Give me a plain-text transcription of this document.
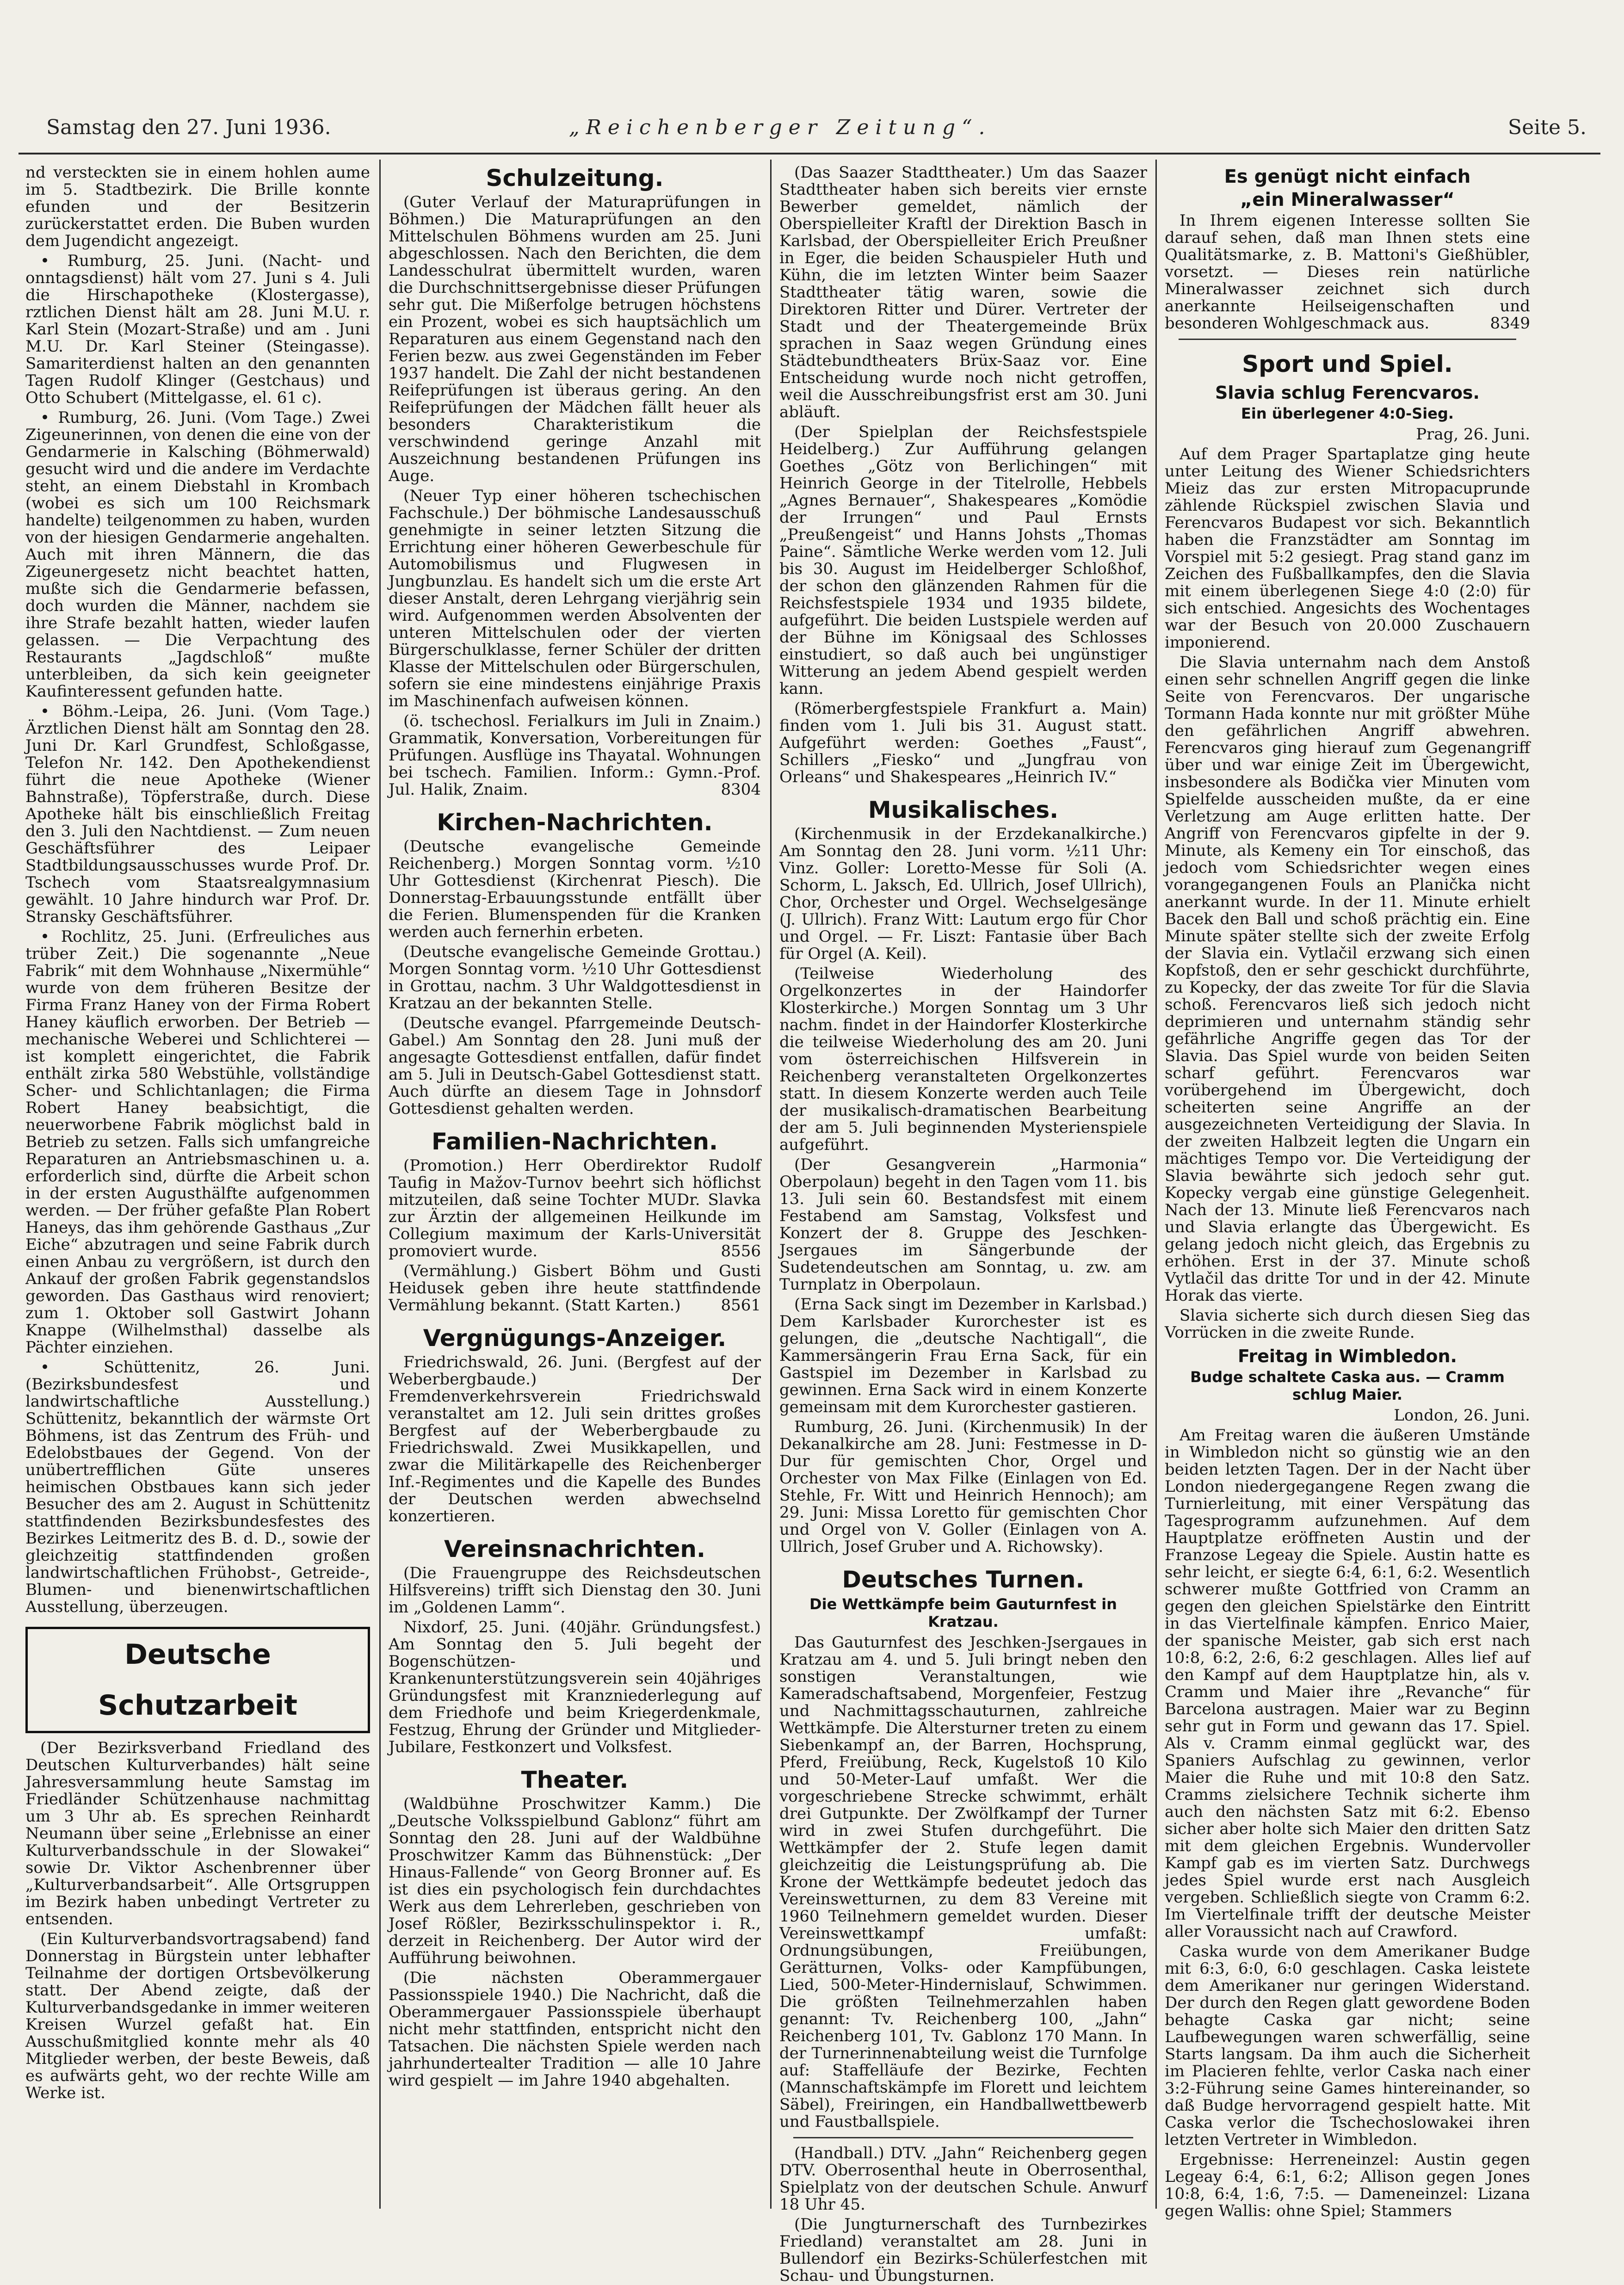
Samstag den 27. Juni 1936.	„Reichenberger Zeitung“.	Seite 5.

nd versteckten sie in einem hohlen aume im 5. Stadtbezirk. Die Brille konnte efunden und der Besitzerin zurückerstattet erden. Die Buben wurden dem Jugendicht angezeigt.

• Rumburg, 25. Juni. (Nacht- und onntagsdienst) hält vom 27. Juni s 4. Juli die Hirschapotheke (Klostergasse), rztlichen Dienst hält am 28. Juni M.U. r. Karl Stein (Mozart-Straße) und am . Juni M.U. Dr. Karl Steiner (Steingasse). Samariterdienst halten an den genannten Tagen Rudolf Klinger (Gestchaus) und Otto Schubert (Mittelgasse, el. 61 c).

• Rumburg, 26. Juni. (Vom Tage.) Zwei Zigeunerinnen, von denen die eine von der Gendarmerie in Kalsching (Böhmerwald) gesucht wird und die andere im Verdachte steht, an einem Diebstahl in Krombach (wobei es sich um 100 Reichsmark handelte) teilgenommen zu haben, wurden von der hiesigen Gendarmerie angehalten. Auch mit ihren Männern, die das Zigeunergesetz nicht beachtet hatten, mußte sich die Gendarmerie befassen, doch wurden die Männer, nachdem sie ihre Strafe bezahlt hatten, wieder laufen gelassen. — Die Verpachtung des Restaurants „Jagdschloß“ mußte unterbleiben, da sich kein geeigneter Kaufinteressent gefunden hatte.

• Böhm.-Leipa, 26. Juni. (Vom Tage.) Ärztlichen Dienst hält am Sonntag den 28. Juni Dr. Karl Grundfest, Schloßgasse, Telefon Nr. 142. Den Apothekendienst führt die neue Apotheke (Wiener Bahnstraße), Töpferstraße, durch. Diese Apotheke hält bis einschließlich Freitag den 3. Juli den Nachtdienst. — Zum neuen Geschäftsführer des Leipaer Stadtbildungsausschusses wurde Prof. Dr. Tschech vom Staatsrealgymnasium gewählt. 10 Jahre hindurch war Prof. Dr. Stransky Geschäftsführer.

• Rochlitz, 25. Juni. (Erfreuliches aus trüber Zeit.) Die sogenannte „Neue Fabrik“ mit dem Wohnhause „Nixermühle“ wurde von dem früheren Besitze der Firma Franz Haney von der Firma Robert Haney käuflich erworben. Der Betrieb — mechanische Weberei und Schlichterei — ist komplett eingerichtet, die Fabrik enthält zirka 580 Webstühle, vollständige Scher- und Schlichtanlagen; die Firma Robert Haney beabsichtigt, die neuerworbene Fabrik möglichst bald in Betrieb zu setzen. Falls sich umfangreiche Reparaturen an Antriebsmaschinen u. a. erforderlich sind, dürfte die Arbeit schon in der ersten Augusthälfte aufgenommen werden. — Der früher gefaßte Plan Robert Haneys, das ihm gehörende Gasthaus „Zur Eiche“ abzutragen und seine Fabrik durch einen Anbau zu vergrößern, ist durch den Ankauf der großen Fabrik gegenstandslos geworden. Das Gasthaus wird renoviert; zum 1. Oktober soll Gastwirt Johann Knappe (Wilhelmsthal) dasselbe als Pächter einziehen.

• Schüttenitz, 26. Juni. (Bezirksbundesfest und landwirtschaftliche Ausstellung.) Schüttenitz, bekanntlich der wärmste Ort Böhmens, ist das Zentrum des Früh- und Edelobstbaues der Gegend. Von der unübertrefflichen Güte unseres heimischen Obstbaues kann sich jeder Besucher des am 2. August in Schüttenitz stattfindenden Bezirksbundesfestes des Bezirkes Leitmeritz des B. d. D., sowie der gleichzeitig stattfindenden großen landwirtschaftlichen Frühobst-, Getreide-, Blumen- und bienenwirtschaftlichen Ausstellung, überzeugen.

Deutsche Schutzarbeit

(Der Bezirksverband Friedland des Deutschen Kulturverbandes) hält seine Jahresversammlung heute Samstag im Friedländer Schützenhause nachmittag um 3 Uhr ab. Es sprechen Reinhardt Neumann über seine „Erlebnisse an einer Kulturverbandsschule in der Slowakei“ sowie Dr. Viktor Aschenbrenner über „Kulturverbandsarbeit“. Alle Ortsgruppen im Bezirk haben unbedingt Vertreter zu entsenden.

(Ein Kulturverbandsvortragsabend) fand Donnerstag in Bürgstein unter lebhafter Teilnahme der dortigen Ortsbevölkerung statt. Der Abend zeigte, daß der Kulturverbandsgedanke in immer weiteren Kreisen Wurzel gefaßt hat. Ein Ausschußmitglied konnte mehr als 40 Mitglieder werben, der beste Beweis, daß es aufwärts geht, wo der rechte Wille am Werke ist.

Schulzeitung.

(Guter Verlauf der Maturaprüfungen in Böhmen.) Die Maturaprüfungen an den Mittelschulen Böhmens wurden am 25. Juni abgeschlossen. Nach den Berichten, die dem Landesschulrat übermittelt wurden, waren die Durchschnittsergebnisse dieser Prüfungen sehr gut. Die Mißerfolge betrugen höchstens ein Prozent, wobei es sich hauptsächlich um Reparaturen aus einem Gegenstand nach den Ferien bezw. aus zwei Gegenständen im Feber 1937 handelt. Die Zahl der nicht bestandenen Reifeprüfungen ist überaus gering. An den Reifeprüfungen der Mädchen fällt heuer als besonders Charakteristikum die verschwindend geringe Anzahl mit Auszeichnung bestandenen Prüfungen ins Auge.

(Neuer Typ einer höheren tschechischen Fachschule.) Der böhmische Landesausschuß genehmigte in seiner letzten Sitzung die Errichtung einer höheren Gewerbeschule für Automobilismus und Flugwesen in Jungbunzlau. Es handelt sich um die erste Art dieser Anstalt, deren Lehrgang vierjährig sein wird. Aufgenommen werden Absolventen der unteren Mittelschulen oder der vierten Bürgerschulklasse, ferner Schüler der dritten Klasse der Mittelschulen oder Bürgerschulen, sofern sie eine mindestens einjährige Praxis im Maschinenfach aufweisen können.

(ö. tschechosl. Ferialkurs im Juli in Znaim.) Grammatik, Konversation, Vorbereitungen für Prüfungen. Ausflüge ins Thayatal. Wohnungen bei tschech. Familien. Inform.: Gymn.-Prof. Jul. Halik, Znaim.	8304

Kirchen-Nachrichten.

(Deutsche evangelische Gemeinde Reichenberg.) Morgen Sonntag vorm. ½10 Uhr Gottesdienst (Kirchenrat Piesch). Die Donnerstag-Erbauungsstunde entfällt über die Ferien. Blumenspenden für die Kranken werden auch fernerhin erbeten.

(Deutsche evangelische Gemeinde Grottau.) Morgen Sonntag vorm. ½10 Uhr Gottesdienst in Grottau, nachm. 3 Uhr Waldgottesdienst in Kratzau an der bekannten Stelle.

(Deutsche evangel. Pfarrgemeinde Deutsch-Gabel.) Am Sonntag den 28. Juni muß der angesagte Gottesdienst entfallen, dafür findet am 5. Juli in Deutsch-Gabel Gottesdienst statt. Auch dürfte an diesem Tage in Johnsdorf Gottesdienst gehalten werden.

Familien-Nachrichten.

(Promotion.) Herr Oberdirektor Rudolf Taufig in Mažov-Turnov beehrt sich höflichst mitzuteilen, daß seine Tochter MUDr. Slavka zur Ärztin der allgemeinen Heilkunde im Collegium maximum der Karls-Universität promoviert wurde.	8556

(Vermählung.) Gisbert Böhm und Gusti Heidusek geben ihre heute stattfindende Vermählung bekannt. (Statt Karten.)	8561

Vergnügungs-Anzeiger.

Friedrichswald, 26. Juni. (Bergfest auf der Weberbergbaude.) Der Fremdenverkehrsverein Friedrichswald veranstaltet am 12. Juli sein drittes großes Bergfest auf der Weberbergbaude zu Friedrichswald. Zwei Musikkapellen, und zwar die Militärkapelle des Reichenberger Inf.-Regimentes und die Kapelle des Bundes der Deutschen werden abwechselnd konzertieren.

Vereinsnachrichten.

(Die Frauengruppe des Reichsdeutschen Hilfsvereins) trifft sich Dienstag den 30. Juni im „Goldenen Lamm“.

Nixdorf, 25. Juni. (40jähr. Gründungsfest.) Am Sonntag den 5. Juli begeht der Bogenschützen- und Krankenunterstützungsverein sein 40jähriges Gründungsfest mit Kranzniederlegung auf dem Friedhofe und beim Kriegerdenkmale, Festzug, Ehrung der Gründer und Mitglieder-Jubilare, Festkonzert und Volksfest.

Theater.

(Waldbühne Proschwitzer Kamm.) Die „Deutsche Volksspielbund Gablonz“ führt am Sonntag den 28. Juni auf der Waldbühne Proschwitzer Kamm das Bühnenstück: „Der Hinaus-Fallende“ von Georg Bronner auf. Es ist dies ein psychologisch fein durchdachtes Werk aus dem Lehrerleben, geschrieben von Josef Rößler, Bezirksschulinspektor i. R., derzeit in Reichenberg. Der Autor wird der Aufführung beiwohnen.

(Die nächsten Oberammergauer Passionsspiele 1940.) Die Nachricht, daß die Oberammergauer Passionsspiele überhaupt nicht mehr stattfinden, entspricht nicht den Tatsachen. Die nächsten Spiele werden nach jahrhundertealter Tradition — alle 10 Jahre wird gespielt — im Jahre 1940 abgehalten.

(Das Saazer Stadttheater.) Um das Saazer Stadttheater haben sich bereits vier ernste Bewerber gemeldet, nämlich der Oberspielleiter Kraftl der Direktion Basch in Karlsbad, der Oberspielleiter Erich Preußner in Eger, die beiden Schauspieler Huth und Kühn, die im letzten Winter beim Saazer Stadttheater tätig waren, sowie die Direktoren Ritter und Dürer. Vertreter der Stadt und der Theatergemeinde Brüx sprachen in Saaz wegen Gründung eines Städtebundtheaters Brüx-Saaz vor. Eine Entscheidung wurde noch nicht getroffen, weil die Ausschreibungsfrist erst am 30. Juni abläuft.

(Der Spielplan der Reichsfestspiele Heidelberg.) Zur Aufführung gelangen Goethes „Götz von Berlichingen“ mit Heinrich George in der Titelrolle, Hebbels „Agnes Bernauer“, Shakespeares „Komödie der Irrungen“ und Paul Ernsts „Preußengeist“ und Hanns Johsts „Thomas Paine“. Sämtliche Werke werden vom 12. Juli bis 30. August im Heidelberger Schloßhof, der schon den glänzenden Rahmen für die Reichsfestspiele 1934 und 1935 bildete, aufgeführt. Die beiden Lustspiele werden auf der Bühne im Königsaal des Schlosses einstudiert, so daß auch bei ungünstiger Witterung an jedem Abend gespielt werden kann.

(Römerbergfestspiele Frankfurt a. Main) finden vom 1. Juli bis 31. August statt. Aufgeführt werden: Goethes „Faust“, Schillers „Fiesko“ und „Jungfrau von Orleans“ und Shakespeares „Heinrich IV.“

Musikalisches.

(Kirchenmusik in der Erzdekanalkirche.) Am Sonntag den 28. Juni vorm. ½11 Uhr: Vinz. Goller: Loretto-Messe für Soli (A. Schorm, L. Jaksch, Ed. Ullrich, Josef Ullrich), Chor, Orchester und Orgel. Wechselgesänge (J. Ullrich). Franz Witt: Lautum ergo für Chor und Orgel. — Fr. Liszt: Fantasie über Bach für Orgel (A. Keil).

(Teilweise Wiederholung des Orgelkonzertes in der Haindorfer Klosterkirche.) Morgen Sonntag um 3 Uhr nachm. findet in der Haindorfer Klosterkirche die teilweise Wiederholung des am 20. Juni vom österreichischen Hilfsverein in Reichenberg veranstalteten Orgelkonzertes statt. In diesem Konzerte werden auch Teile der musikalisch-dramatischen Bearbeitung der am 5. Juli beginnenden Mysterienspiele aufgeführt.

(Der Gesangverein „Harmonia“ Oberpolaun) begeht in den Tagen vom 11. bis 13. Juli sein 60. Bestandsfest mit einem Festabend am Samstag, Volksfest und Konzert der 8. Gruppe des Jeschken-Jsergaues im Sängerbunde der Sudetendeutschen am Sonntag, u. zw. am Turnplatz in Oberpolaun.

(Erna Sack singt im Dezember in Karlsbad.) Dem Karlsbader Kurorchester ist es gelungen, die „deutsche Nachtigall“, die Kammersängerin Frau Erna Sack, für ein Gastspiel im Dezember in Karlsbad zu gewinnen. Erna Sack wird in einem Konzerte gemeinsam mit dem Kurorchester gastieren.

Rumburg, 26. Juni. (Kirchenmusik) In der Dekanalkirche am 28. Juni: Festmesse in D-Dur für gemischten Chor, Orgel und Orchester von Max Filke (Einlagen von Ed. Stehle, Fr. Witt und Heinrich Hennoch); am 29. Juni: Missa Loretto für gemischten Chor und Orgel von V. Goller (Einlagen von A. Ullrich, Josef Gruber und A. Richowsky).

Deutsches Turnen.
Die Wettkämpfe beim Gauturnfest in Kratzau.

Das Gauturnfest des Jeschken-Jsergaues in Kratzau am 4. und 5. Juli bringt neben den sonstigen Veranstaltungen, wie Kameradschaftsabend, Morgenfeier, Festzug und Nachmittagsschauturnen, zahlreiche Wettkämpfe. Die Altersturner treten zu einem Siebenkampf an, der Barren, Hochsprung, Pferd, Freiübung, Reck, Kugelstoß 10 Kilo und 50-Meter-Lauf umfaßt. Wer die vorgeschriebene Strecke schwimmt, erhält drei Gutpunkte. Der Zwölfkampf der Turner wird in zwei Stufen durchgeführt. Die Wettkämpfer der 2. Stufe legen damit gleichzeitig die Leistungsprüfung ab. Die Krone der Wettkämpfe bedeutet jedoch das Vereinswetturnen, zu dem 83 Vereine mit 1960 Teilnehmern gemeldet wurden. Dieser Vereinswettkampf umfaßt: Ordnungsübungen, Freiübungen, Gerätturnen, Volks- oder Kampfübungen, Lied, 500-Meter-Hindernislauf, Schwimmen. Die größten Teilnehmerzahlen haben genannt: Tv. Reichenberg 100, „Jahn“ Reichenberg 101, Tv. Gablonz 170 Mann. In der Turnerinnenabteilung weist die Turnfolge auf: Staffelläufe der Bezirke, Fechten (Mannschaftskämpfe im Florett und leichtem Säbel), Freiringen, ein Handballwettbewerb und Faustballspiele.

(Handball.) DTV. „Jahn“ Reichenberg gegen DTV. Oberrosenthal heute in Oberrosenthal, Spielplatz von der deutschen Schule. Anwurf 18 Uhr 45.

(Die Jungturnerschaft des Turnbezirkes Friedland) veranstaltet am 28. Juni in Bullendorf ein Bezirks-Schülerfestchen mit Schau- und Übungsturnen.

Es genügt nicht einfach
„ein Mineralwasser“

In Ihrem eigenen Interesse sollten Sie darauf sehen, daß man Ihnen stets eine Qualitätsmarke, z. B. Mattoni's Gießhübler, vorsetzt. — Dieses rein natürliche Mineralwasser zeichnet sich durch anerkannte Heilseigenschaften und besonderen Wohlgeschmack aus.	8349

Sport und Spiel.
Slavia schlug Ferencvaros.
Ein überlegener 4:0-Sieg.

Prag, 26. Juni.

Auf dem Prager Spartaplatze ging heute unter Leitung des Wiener Schiedsrichters Mieiz das zur ersten Mitropacuprunde zählende Rückspiel zwischen Slavia und Ferencvaros Budapest vor sich. Bekanntlich haben die Franzstädter am Sonntag im Vorspiel mit 5:2 gesiegt. Prag stand ganz im Zeichen des Fußballkampfes, den die Slavia mit einem überlegenen Siege 4:0 (2:0) für sich entschied. Angesichts des Wochentages war der Besuch von 20.000 Zuschauern imponierend.

Die Slavia unternahm nach dem Anstoß einen sehr schnellen Angriff gegen die linke Seite von Ferencvaros. Der ungarische Tormann Hada konnte nur mit größter Mühe den gefährlichen Angriff abwehren. Ferencvaros ging hierauf zum Gegenangriff über und war einige Zeit im Übergewicht, insbesondere als Bodička vier Minuten vom Spielfelde ausscheiden mußte, da er eine Verletzung am Auge erlitten hatte. Der Angriff von Ferencvaros gipfelte in der 9. Minute, als Kemeny ein Tor einschoß, das jedoch vom Schiedsrichter wegen eines vorangegangenen Fouls an Planička nicht anerkannt wurde. In der 11. Minute erhielt Bacek den Ball und schoß prächtig ein. Eine Minute später stellte sich der zweite Erfolg der Slavia ein. Vytlačil erzwang sich einen Kopfstoß, den er sehr geschickt durchführte, zu Kopecky, der das zweite Tor für die Slavia schoß. Ferencvaros ließ sich jedoch nicht deprimieren und unternahm ständig sehr gefährliche Angriffe gegen das Tor der Slavia. Das Spiel wurde von beiden Seiten scharf geführt. Ferencvaros war vorübergehend im Übergewicht, doch scheiterten seine Angriffe an der ausgezeichneten Verteidigung der Slavia. In der zweiten Halbzeit legten die Ungarn ein mächtiges Tempo vor. Die Verteidigung der Slavia bewährte sich jedoch sehr gut. Kopecky vergab eine günstige Gelegenheit. Nach der 13. Minute ließ Ferencvaros nach und Slavia erlangte das Übergewicht. Es gelang jedoch nicht gleich, das Ergebnis zu erhöhen. Erst in der 37. Minute schoß Vytlačil das dritte Tor und in der 42. Minute Horak das vierte.

Slavia sicherte sich durch diesen Sieg das Vorrücken in die zweite Runde.

Freitag in Wimbledon.
Budge schaltete Caska aus. — Cramm schlug Maier.

London, 26. Juni.

Am Freitag waren die äußeren Umstände in Wimbledon nicht so günstig wie an den beiden letzten Tagen. Der in der Nacht über London niedergegangene Regen zwang die Turnierleitung, mit einer Verspätung das Tagesprogramm aufzunehmen. Auf dem Hauptplatze eröffneten Austin und der Franzose Legeay die Spiele. Austin hatte es sehr leicht, er siegte 6:4, 6:1, 6:2. Wesentlich schwerer mußte Gottfried von Cramm an gegen den gleichen Spielstärke den Eintritt in das Viertelfinale kämpfen. Enrico Maier, der spanische Meister, gab sich erst nach 10:8, 6:2, 2:6, 6:2 geschlagen. Alles lief auf den Kampf auf dem Hauptplatze hin, als v. Cramm und Maier ihre „Revanche“ für Barcelona austragen. Maier war zu Beginn sehr gut in Form und gewann das 17. Spiel. Als v. Cramm einmal geglückt war, des Spaniers Aufschlag zu gewinnen, verlor Maier die Ruhe und mit 10:8 den Satz. Cramms zielsichere Technik sicherte ihm auch den nächsten Satz mit 6:2. Ebenso sicher aber holte sich Maier den dritten Satz mit dem gleichen Ergebnis. Wundervoller Kampf gab es im vierten Satz. Durchwegs jedes Spiel wurde erst nach Ausgleich vergeben. Schließlich siegte von Cramm 6:2. Im Viertelfinale trifft der deutsche Meister aller Voraussicht nach auf Crawford.

Caska wurde von dem Amerikaner Budge mit 6:3, 6:0, 6:0 geschlagen. Caska leistete dem Amerikaner nur geringen Widerstand. Der durch den Regen glatt gewordene Boden behagte Caska gar nicht; seine Laufbewegungen waren schwerfällig, seine Starts langsam. Da ihm auch die Sicherheit im Placieren fehlte, verlor Caska nach einer 3:2-Führung seine Games hintereinander, so daß Budge hervorragend gespielt hatte. Mit Caska verlor die Tschechoslowakei ihren letzten Vertreter in Wimbledon.

Ergebnisse: Herreneinzel: Austin gegen Legeay 6:4, 6:1, 6:2; Allison gegen Jones 10:8, 6:4, 1:6, 7:5. — Dameneinzel: Lizana gegen Wallis: ohne Spiel; Stammers
